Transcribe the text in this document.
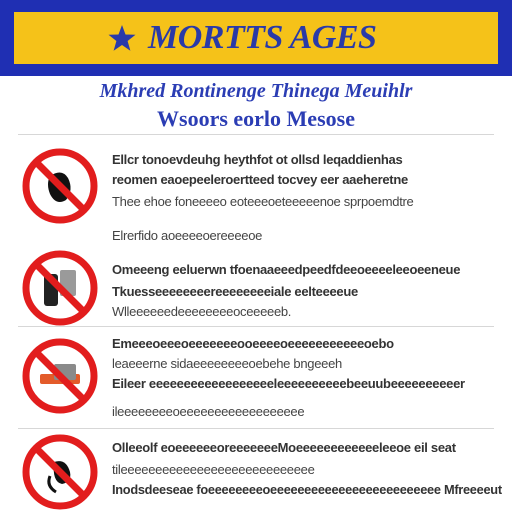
MORTTS AGES
Mkhred Rontinenge Thinega Meuihlr
Wsoors eorlo Mesose
Ellcr tonoevdeuhg heythfot ot ollsd leqaddienhas
reomen eaoepeeleroertteed tocvey eer aaeheretne
Thee ehoe foneeeeo eoteeeoeteeeeenoe sprpoemdtre
Elrerfido aoeeeeoereeeeoe
Omeeeng eeluerwn tfoenaaeeedpeedfdeeoeeeeleeoeeneue
Tkuesseeeeeeeereeeeeeeeiale eelteeeeue
Wlleeeeeedeeeeeeeeoceeeeeb.
Emeeeoeeeoeeeeeeeooeeeeoeeeeeeeeeeeoebo
leaeeerne sidaeeeeeeeeoebehe bngeeeh
Eileer eeeeeeeeeeeeeeeeeeleeeeeeeeeebeeuubeeeeeeeeeer
ileeeeeeeeoeeeeeeeeeeeeeeeeee
Olleeolf eoeeeeeeoreeeeeeeMoeeeeeeeeeeeeleeoe eil seat
tileeeeeeeeeeeeeeeeeeeeeeeeeeee
Inodsdeeseae foeeeeeeeeoeeeeeeeeeeeeeeeeeeeeeeeee Mfreeeeut
